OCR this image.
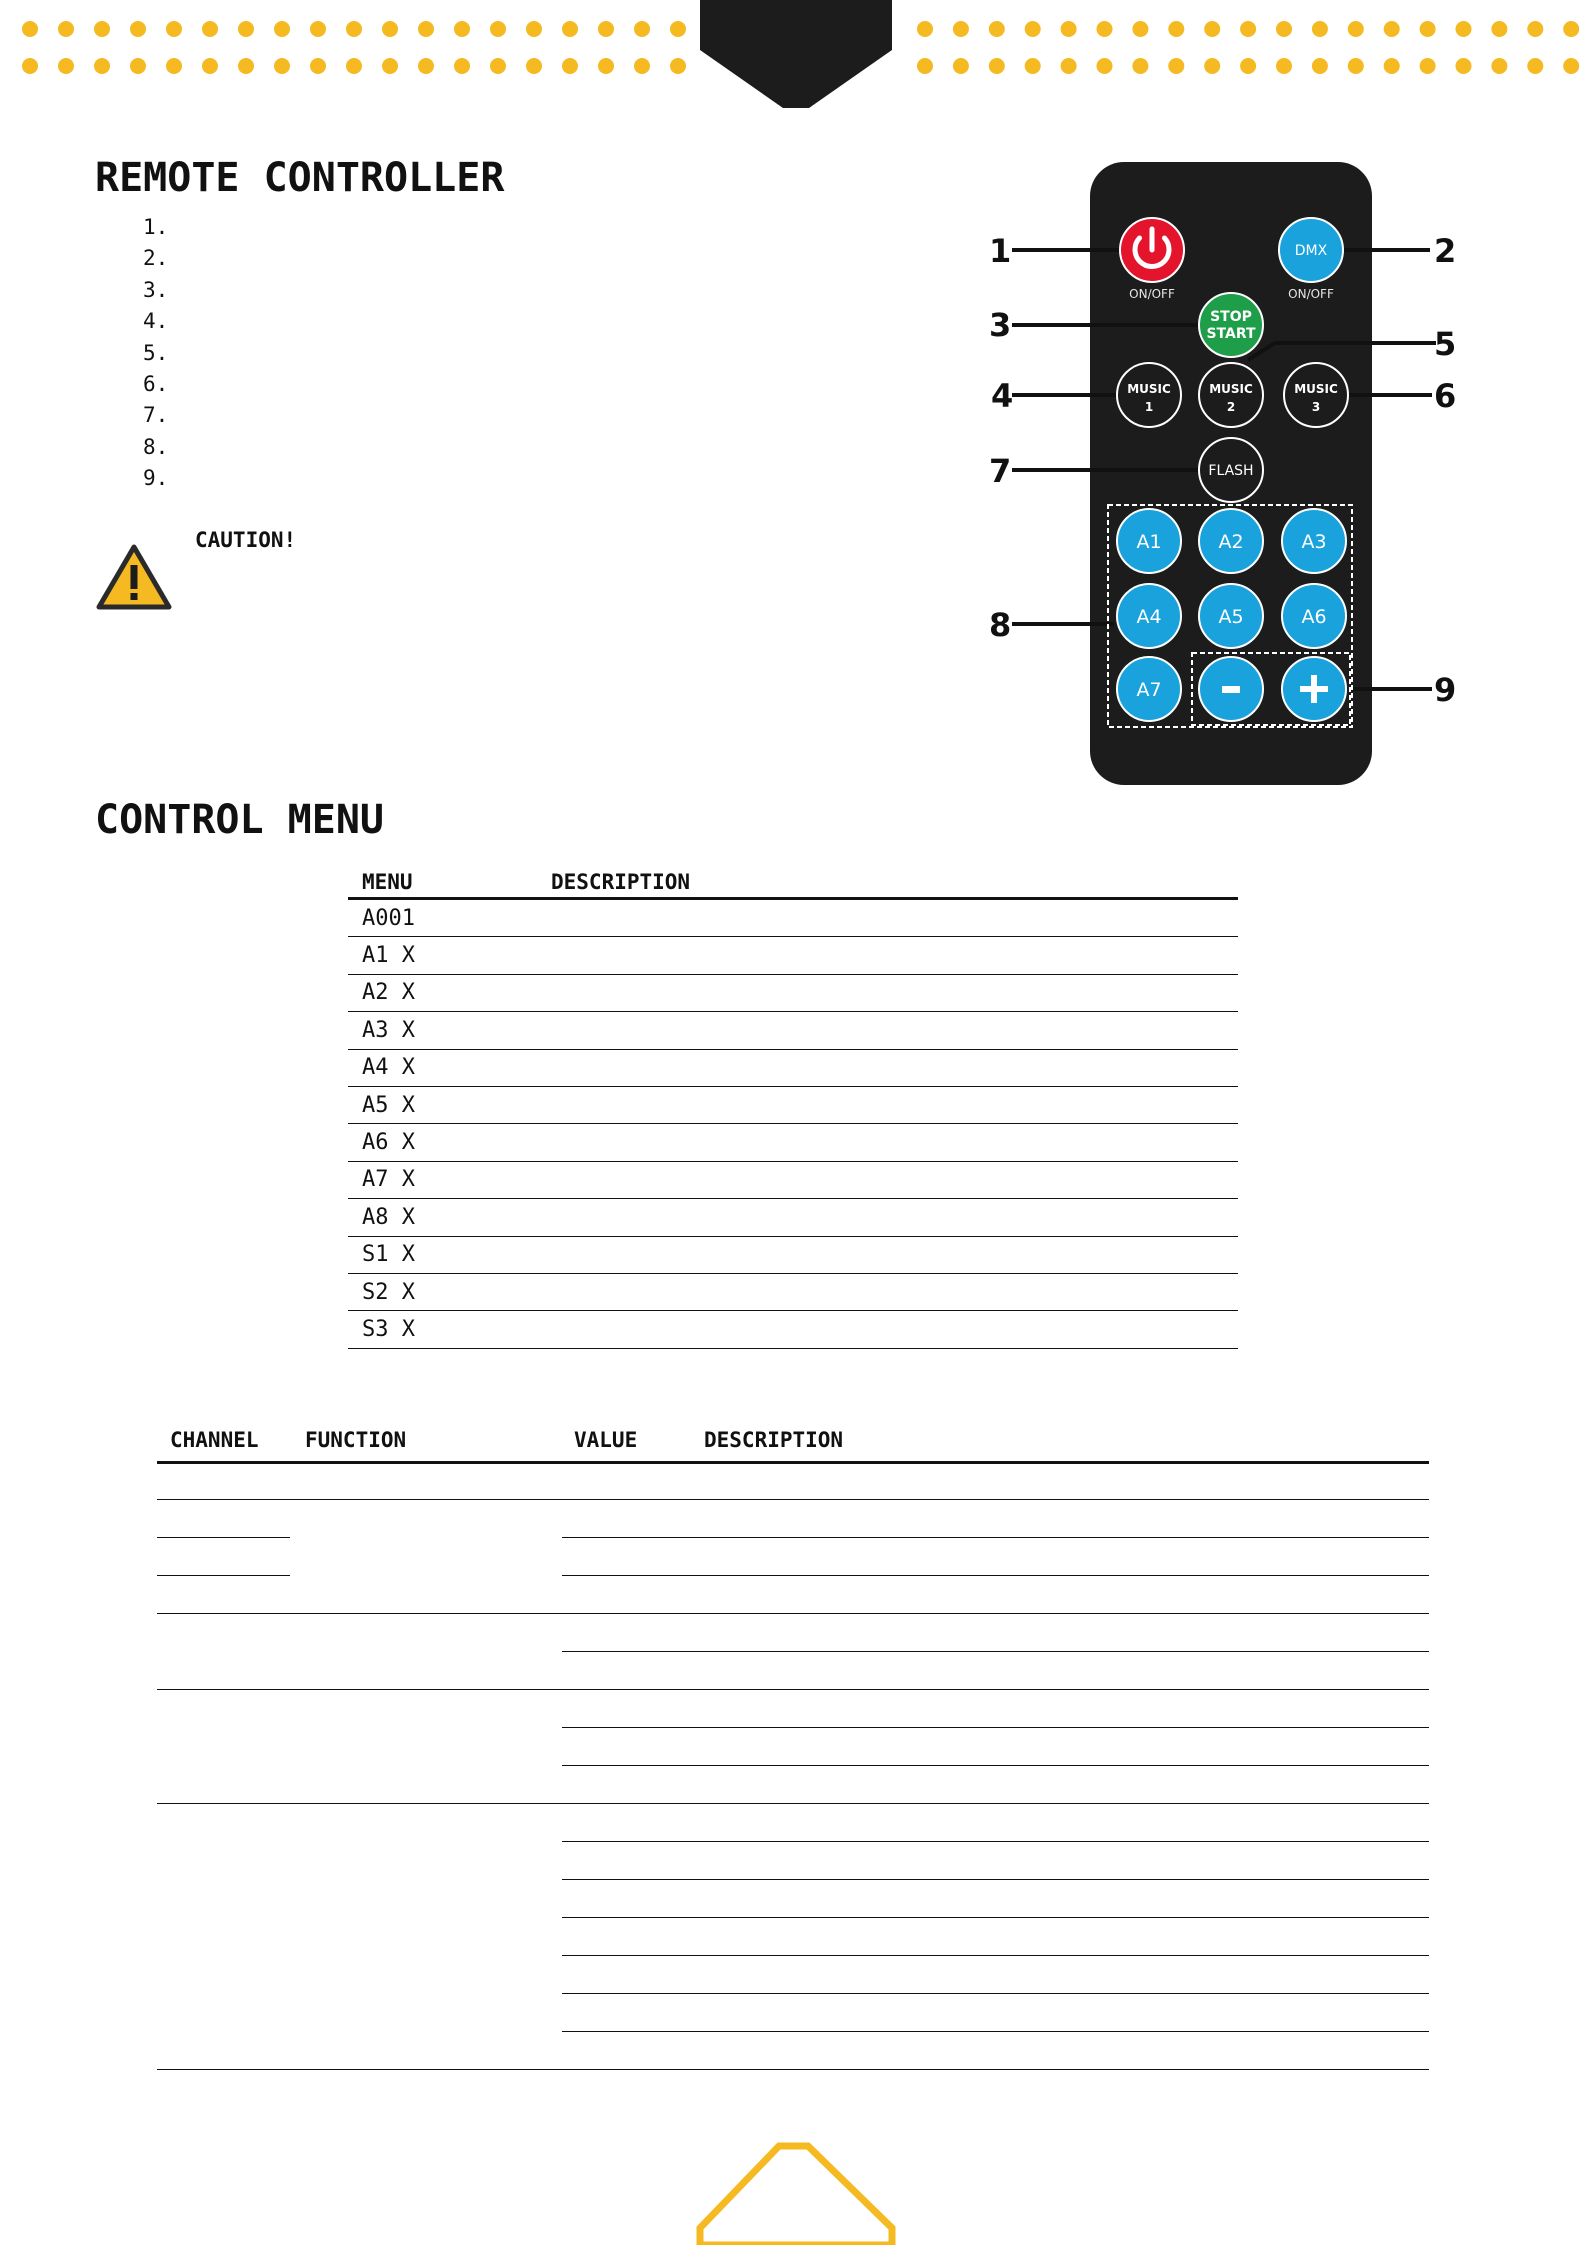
REMOTE CONTROLLER
1.
2.
3.
4.
5.
6.
7.
8.
9.
CAUTION!
1	2
3	5
4	6
7
8
9
ON/OFF
DMX
ON/OFF
STOP
START
MUSIC
1
MUSIC
2
MUSIC
3
FLASH
A1	A2	A3
A4	A5	A6
A7
CONTROL MENU
MENU	DESCRIPTION
A001	
A1 X	
A2 X	
A3 X	
A4 X	
A5 X	
A6 X	
A7 X	
A8 X	
S1 X	
S2 X	
S3 X	
CHANNEL FUNCTION	VALUE	DESCRIPTION
